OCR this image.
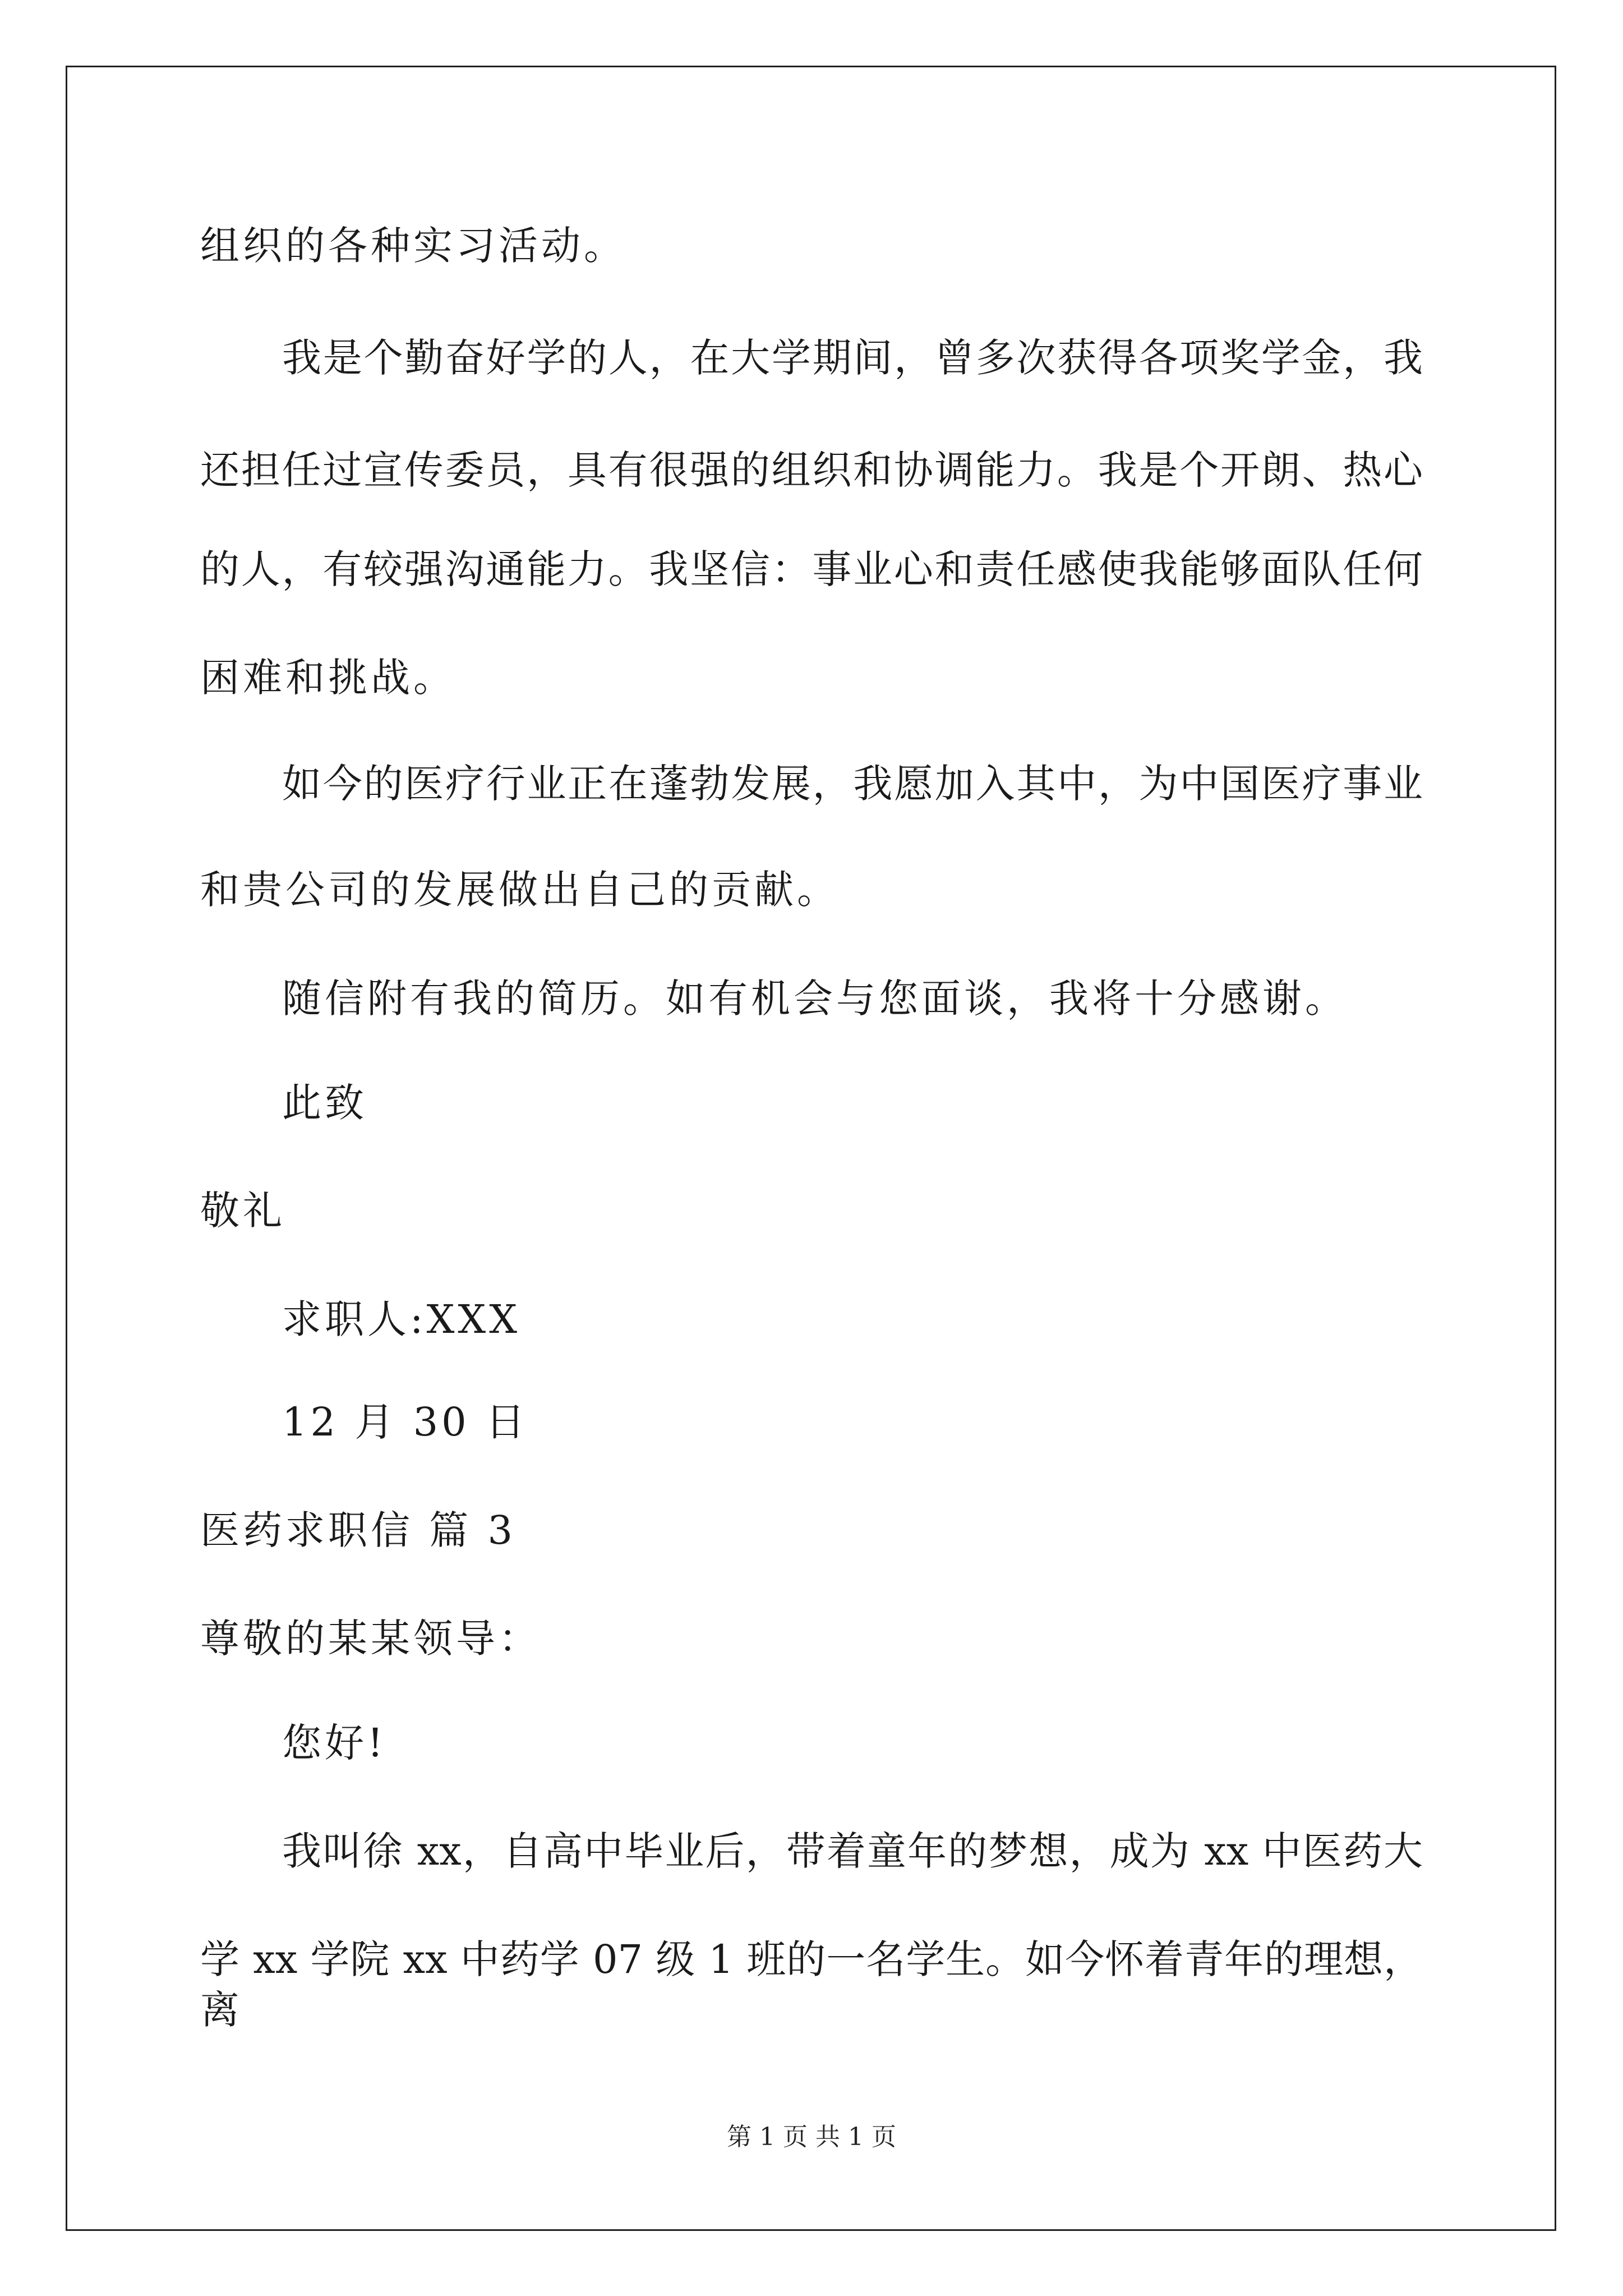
组织的各种实习活动。
我是个勤奋好学的人，在大学期间，曾多次获得各项奖学金，我
还担任过宣传委员，具有很强的组织和协调能力。我是个开朗、热心
的人，有较强沟通能力。我坚信：事业心和责任感使我能够面队任何
困难和挑战。
如今的医疗行业正在蓬勃发展，我愿加入其中，为中国医疗事业
和贵公司的发展做出自己的贡献。
随信附有我的简历。如有机会与您面谈，我将十分感谢。
此致
敬礼
求职人:XXX
12 月 30 日
医药求职信 篇 3
尊敬的某某领导：
您好!
我叫徐 xx，自高中毕业后，带着童年的梦想，成为 xx 中医药大
学 xx 学院 xx 中药学 07 级 1 班的一名学生。如今怀着青年的理想，离
第 1 页 共 1 页
